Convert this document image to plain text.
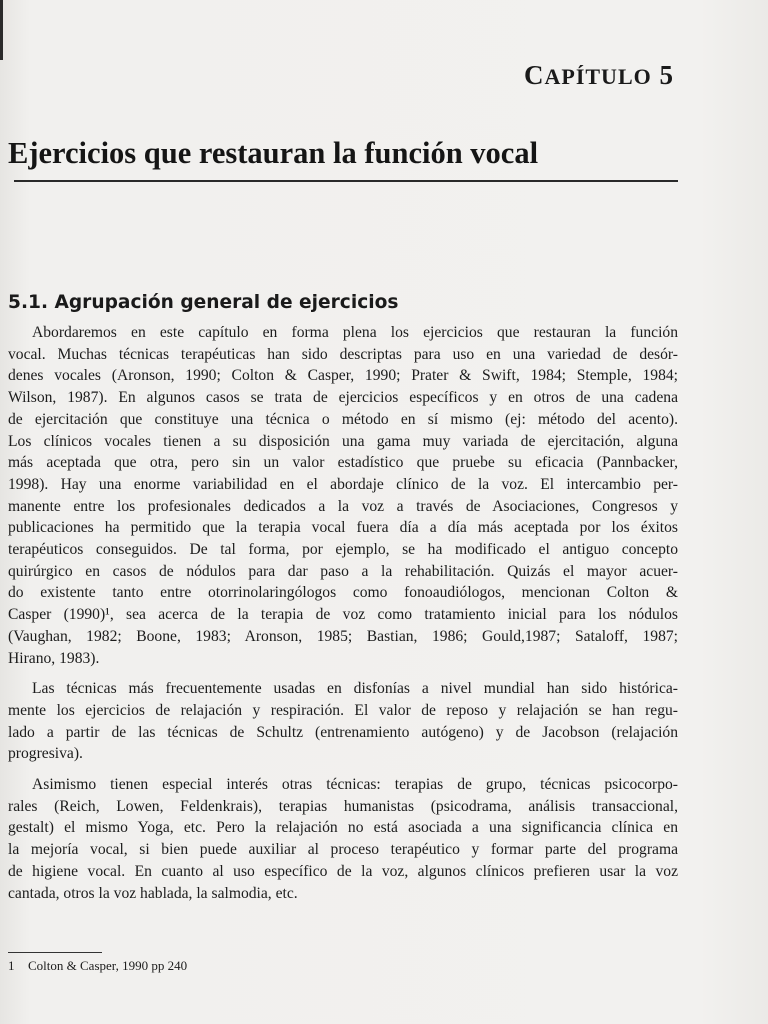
CAPÍTULO 5
Ejercicios que restauran la función vocal
5.1. Agrupación general de ejercicios

Abordaremos en este capítulo en forma plena los ejercicios que restauran la función
vocal. Muchas técnicas terapéuticas han sido descriptas para uso en una variedad de desór-
denes vocales (Aronson, 1990; Colton & Casper, 1990; Prater & Swift, 1984; Stemple, 1984;
Wilson, 1987). En algunos casos se trata de ejercicios específicos y en otros de una cadena
de ejercitación que constituye una técnica o método en sí mismo (ej: método del acento).
Los clínicos vocales tienen a su disposición una gama muy variada de ejercitación, alguna
más aceptada que otra, pero sin un valor estadístico que pruebe su eficacia (Pannbacker,
1998). Hay una enorme variabilidad en el abordaje clínico de la voz. El intercambio per-
manente entre los profesionales dedicados a la voz a través de Asociaciones, Congresos y
publicaciones ha permitido que la terapia vocal fuera día a día más aceptada por los éxitos
terapéuticos conseguidos. De tal forma, por ejemplo, se ha modificado el antiguo concepto
quirúrgico en casos de nódulos para dar paso a la rehabilitación. Quizás el mayor acuer-
do existente tanto entre otorrinolaringólogos como fonoaudiólogos, mencionan Colton &
Casper (1990)¹, sea acerca de la terapia de voz como tratamiento inicial para los nódulos
(Vaughan, 1982; Boone, 1983; Aronson, 1985; Bastian, 1986; Gould,1987; Sataloff, 1987;
Hirano, 1983).

Las técnicas más frecuentemente usadas en disfonías a nivel mundial han sido históricа-
mente los ejercicios de relajación y respiración. El valor de reposo y relajación se han regu-
lado a partir de las técnicas de Schultz (entrenamiento autógeno) y de Jacobson (relajación
progresiva).

Asimismo tienen especial interés otras técnicas: terapias de grupo, técnicas psicocorpo-
rales (Reich, Lowen, Feldenkrais), terapias humanistas (psicodrama, análisis transaccional,
gestalt) el mismo Yoga, etc. Pero la relajación no está asociada a una significancia clínica en
la mejoría vocal, si bien puede auxiliar al proceso terapéutico y formar parte del programa
de higiene vocal. En cuanto al uso específico de la voz, algunos clínicos prefieren usar la voz
cantada, otros la voz hablada, la salmodia, etc.

1 Colton & Casper, 1990 pp 240
